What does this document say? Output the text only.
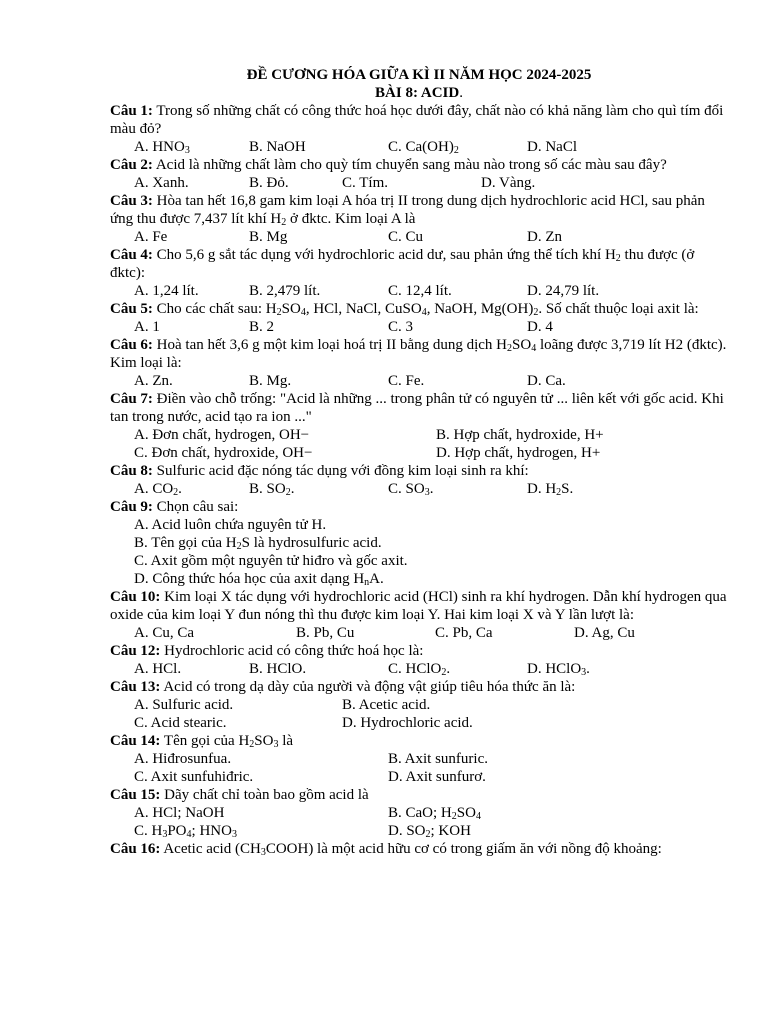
ĐỀ CƯƠNG HÓA GIỮA KÌ II NĂM HỌC 2024-2025
BÀI 8: ACID.
Câu 1: Trong số những chất có công thức hoá học dưới đây, chất nào có khả năng làm cho quì tím đổi màu đỏ?
A. $HNO_3$	B. NaOH	C. $Ca(OH)_2$	D. NaCl
Câu 2: Acid là những chất làm cho quỳ tím chuyển sang màu nào trong số các màu sau đây?
A. Xanh.	B. Đỏ.	C. Tím.	D. Vàng.
Câu 3: Hòa tan hết 16,8 gam kim loại A hóa trị II trong dung dịch hydrochloric acid HCl, sau phản ứng thu được 7,437 lít khí $H_2$ ở đktc. Kim loại A là
A. Fe	B. Mg	C. Cu	D. Zn
Câu 4: Cho 5,6 g sắt tác dụng với hydrochloric acid dư, sau phản ứng thể tích khí $H_2$ thu được (ở đktc):
A. 1,24 lít.	B. 2,479 lít.	C. 12,4 lít.	D. 24,79 lít.
Câu 5: Cho các chất sau: $H_2SO_4$, HCl, NaCl, CuSO$_4$, NaOH, $Mg(OH)_2$. Số chất thuộc loại axit là:
A. 1	B. 2	C. 3	D. 4
Câu 6: Hoà tan hết 3,6 g một kim loại hoá trị II bằng dung dịch $H_2SO_4$ loãng được 3,719 lít H2 (đktc). Kim loại là:
A. Zn.	B. Mg.	C. Fe.	D. Ca.
Câu 7: Điền vào chỗ trống: "Acid là những ... trong phân tử có nguyên tử ... liên kết với gốc acid. Khi tan trong nước, acid tạo ra ion ..."
A. Đơn chất, hydrogen, OH−	B. Hợp chất, hydroxide, H+
C. Đơn chất, hydroxide, OH−	D. Hợp chất, hydrogen, H+
Câu 8: Sulfuric acid đặc nóng tác dụng với đồng kim loại sinh ra khí:
A. $CO_2$.	B. $SO_2$.	C. $SO_3$.	D. $H_2S$.
Câu 9: Chọn câu sai:
A. Acid luôn chứa nguyên tử H.
B. Tên gọi của $H_2S$ là hydrosulfuric acid.
C. Axit gồm một nguyên tử hiđro và gốc axit.
D. Công thức hóa học của axit dạng $H_nA$.
Câu 10: Kim loại X tác dụng với hydrochloric acid (HCl) sinh ra khí hydrogen. Dẫn khí hydrogen qua oxide của kim loại Y đun nóng thì thu được kim loại Y. Hai kim loại X và Y lần lượt là:
A. Cu, Ca	B. Pb, Cu	C. Pb, Ca	D. Ag, Cu
Câu 12: Hydrochloric acid có công thức hoá học là:
A. HCl.	B. HClO.	C. HClO$_2$.	D. HClO$_3$.
Câu 13: Acid có trong dạ dày của người và động vật giúp tiêu hóa thức ăn là:
A. Sulfuric acid.	B. Acetic acid.
C. Acid stearic.	D. Hydrochloric acid.
Câu 14: Tên gọi của $H_2SO_3$ là
A. Hiđrosunfua.	B. Axit sunfuric.
C. Axit sunfuhiđric.	D. Axit sunfurơ.
Câu 15: Dãy chất chỉ toàn bao gồm acid là
A. HCl; NaOH	B. CaO; $H_2SO_4$
C. $H_3PO_4$; $HNO_3$	D. $SO_2$; KOH
Câu 16: Acetic acid $(CH_3COOH)$ là một acid hữu cơ có trong giấm ăn với nồng độ khoảng:
